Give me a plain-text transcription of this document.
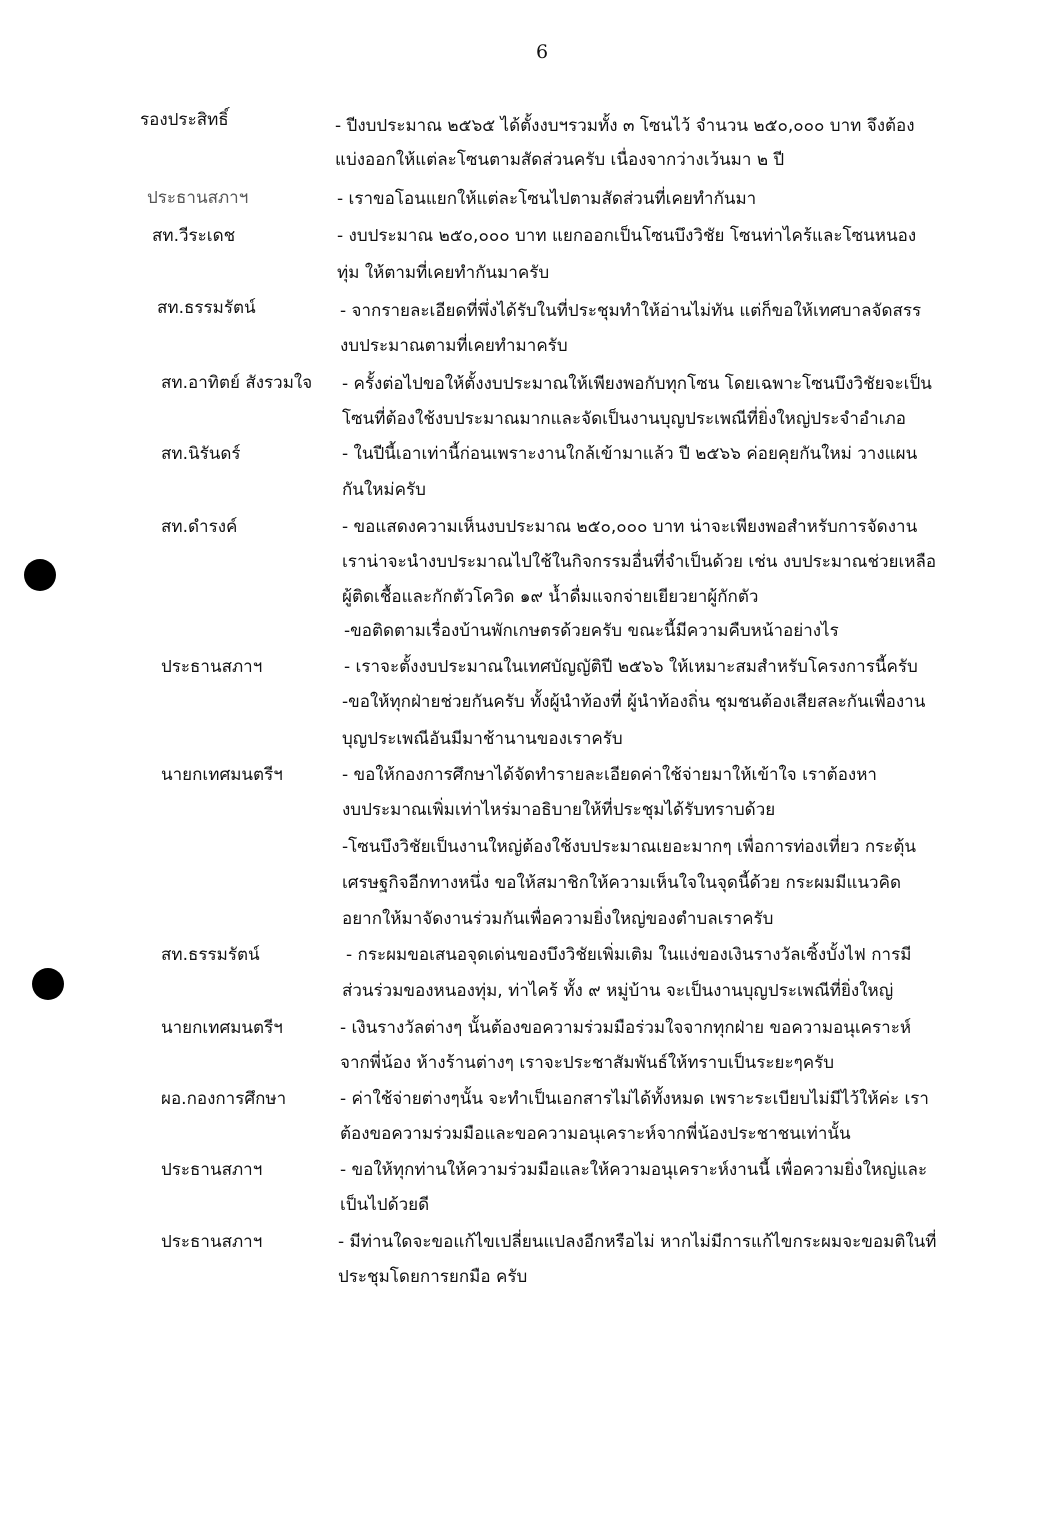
6
รองประสิทธิ์	- ปีงบประมาณ ๒๕๖๕ ได้ตั้งงบฯรวมทั้ง ๓ โซนไว้ จำนวน ๒๕๐,๐๐๐ บาท จึงต้อง
แบ่งออกให้แต่ละโซนตามสัดส่วนครับ เนื่องจากว่างเว้นมา ๒ ปี
ประธานสภาฯ	- เราขอโอนแยกให้แต่ละโซนไปตามสัดส่วนที่เคยทำกันมา
สท.วีระเดช	- งบประมาณ ๒๕๐,๐๐๐ บาท แยกออกเป็นโซนบึงวิชัย โซนท่าไคร้และโซนหนอง
ทุ่ม ให้ตามที่เคยทำกันมาครับ
สท.ธรรมรัตน์	- จากรายละเอียดที่พึ่งได้รับในที่ประชุมทำให้อ่านไม่ทัน แต่ก็ขอให้เทศบาลจัดสรร
งบประมาณตามที่เคยทำมาครับ
สท.อาทิตย์ สังรวมใจ - ครั้งต่อไปขอให้ตั้งงบประมาณให้เพียงพอกับทุกโซน โดยเฉพาะโซนบึงวิชัยจะเป็น
โซนที่ต้องใช้งบประมาณมากและจัดเป็นงานบุญประเพณีที่ยิ่งใหญ่ประจำอำเภอ
สท.นิรันดร์	- ในปีนี้เอาเท่านี้ก่อนเพราะงานใกล้เข้ามาแล้ว ปี ๒๕๖๖ ค่อยคุยกันใหม่ วางแผน
กันใหม่ครับ
สท.ดำรงค์	- ขอแสดงความเห็นงบประมาณ ๒๕๐,๐๐๐ บาท น่าจะเพียงพอสำหรับการจัดงาน
เราน่าจะนำงบประมาณไปใช้ในกิจกรรมอื่นที่จำเป็นด้วย เช่น งบประมาณช่วยเหลือ
ผู้ติดเชื้อและกักตัวโควิด ๑๙ น้ำดื่มแจกจ่ายเยียวยาผู้กักตัว
-ขอติดตามเรื่องบ้านพักเกษตรด้วยครับ ขณะนี้มีความคืบหน้าอย่างไร
ประธานสภาฯ	- เราจะตั้งงบประมาณในเทศบัญญัติปี ๒๕๖๖ ให้เหมาะสมสำหรับโครงการนี้ครับ
-ขอให้ทุกฝ่ายช่วยกันครับ ทั้งผู้นำท้องที่ ผู้นำท้องถิ่น ชุมชนต้องเสียสละกันเพื่องาน
บุญประเพณีอันมีมาช้านานของเราครับ
นายกเทศมนตรีฯ	- ขอให้กองการศึกษาได้จัดทำรายละเอียดค่าใช้จ่ายมาให้เข้าใจ เราต้องหา
งบประมาณเพิ่มเท่าไหร่มาอธิบายให้ที่ประชุมได้รับทราบด้วย
-โซนบึงวิชัยเป็นงานใหญ่ต้องใช้งบประมาณเยอะมากๆ เพื่อการท่องเที่ยว กระตุ้น
เศรษฐกิจอีกทางหนึ่ง ขอให้สมาชิกให้ความเห็นใจในจุดนี้ด้วย กระผมมีแนวคิด
อยากให้มาจัดงานร่วมกันเพื่อความยิ่งใหญ่ของตำบลเราครับ
สท.ธรรมรัตน์	- กระผมขอเสนอจุดเด่นของบึงวิชัยเพิ่มเติม ในแง่ของเงินรางวัลเซิ้งบั้งไฟ การมี
ส่วนร่วมของหนองทุ่ม, ท่าไคร้ ทั้ง ๙ หมู่บ้าน จะเป็นงานบุญประเพณีที่ยิ่งใหญ่
นายกเทศมนตรีฯ	- เงินรางวัลต่างๆ นั้นต้องขอความร่วมมือร่วมใจจากทุกฝ่าย ขอความอนุเคราะห์
จากพี่น้อง ห้างร้านต่างๆ เราจะประชาสัมพันธ์ให้ทราบเป็นระยะๆครับ
ผอ.กองการศึกษา	- ค่าใช้จ่ายต่างๆนั้น จะทำเป็นเอกสารไม่ได้ทั้งหมด เพราะระเบียบไม่มีไว้ให้ค่ะ เรา
ต้องขอความร่วมมือและขอความอนุเคราะห์จากพี่น้องประชาชนเท่านั้น
ประธานสภาฯ	- ขอให้ทุกท่านให้ความร่วมมือและให้ความอนุเคราะห์งานนี้ เพื่อความยิ่งใหญ่และ
เป็นไปด้วยดี
ประธานสภาฯ	- มีท่านใดจะขอแก้ไขเปลี่ยนแปลงอีกหรือไม่ หากไม่มีการแก้ไขกระผมจะขอมติในที่
ประชุมโดยการยกมือ ครับ
